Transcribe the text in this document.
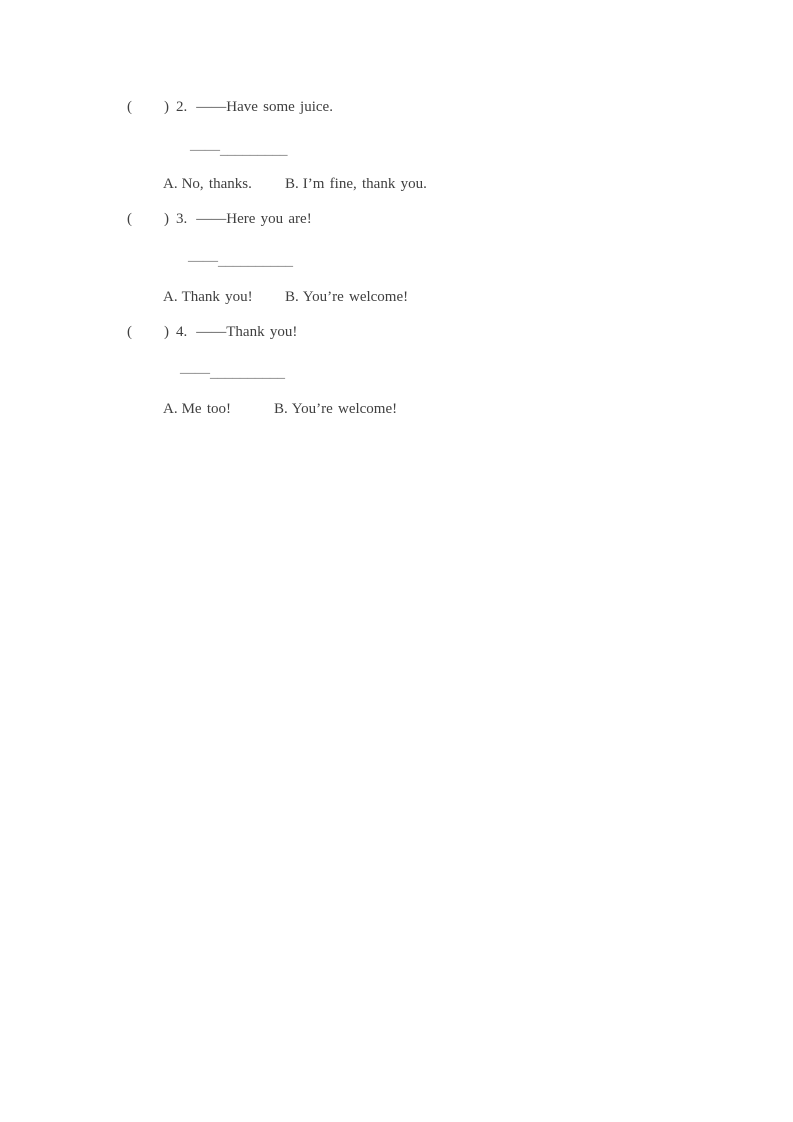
( ) 2. ——Have some juice.
——_________
A. No, thanks. B. I’m fine, thank you.
( ) 3. ——Here you are!
——__________
A. Thank you! B. You’re welcome!
( ) 4. ——Thank you!
——__________
A. Me too!	B. You’re welcome!
